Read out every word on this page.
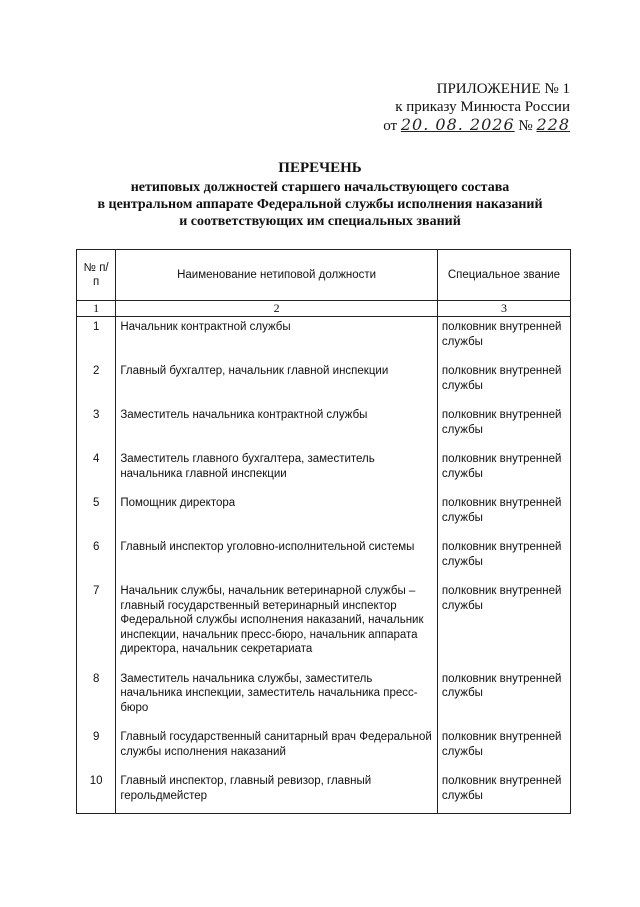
ПРИЛОЖЕНИЕ № 1
к приказу Минюста России
от 20. 08. 2026 № 228
ПЕРЕЧЕНЬ
нетиповых должностей старшего начальствующего состава
в центральном аппарате Федеральной службы исполнения наказаний
и соответствующих им специальных званий
№ п/п	Наименование нетиповой должности	Специальное звание
1	2	3
1	Начальник контрактной службы	полковник внутренней службы
2	Главный бухгалтер, начальник главной инспекции	полковник внутренней службы
3	Заместитель начальника контрактной службы	полковник внутренней службы
4	Заместитель главного бухгалтера, заместитель начальника главной инспекции	полковник внутренней службы
5	Помощник директора	полковник внутренней службы
6	Главный инспектор уголовно-исполнительной системы	полковник внутренней службы
7	Начальник службы, начальник ветеринарной службы – главный государственный ветеринарный инспектор Федеральной службы исполнения наказаний, начальник инспекции, начальник пресс-бюро, начальник аппарата директора, начальник секретариата	полковник внутренней службы
8	Заместитель начальника службы, заместитель начальника инспекции, заместитель начальника пресс-бюро	полковник внутренней службы
9	Главный государственный санитарный врач Федеральной службы исполнения наказаний	полковник внутренней службы
10	Главный инспектор, главный ревизор, главный герольдмейстер	полковник внутренней службы
